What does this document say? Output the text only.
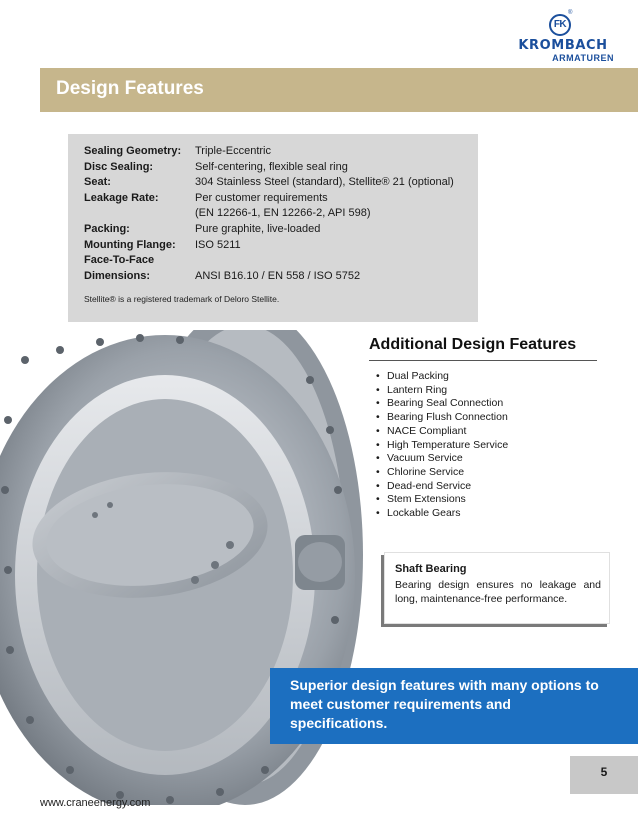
FK
®
KROMBACH
ARMATUREN
Design Features
Sealing Geometry:	Triple-Eccentric
Disc Sealing:	Self-centering, flexible seal ring
Seat:	304 Stainless Steel (standard), Stellite® 21 (optional)
Leakage Rate:	Per customer requirements
	(EN 12266-1, EN 12266-2, API 598)
Packing:	Pure graphite, live-loaded
Mounting Flange:	ISO 5211
Face-To-Face	
Dimensions:	ANSI B16.10 / EN 558 / ISO 5752
Stellite® is a registered trademark of Deloro Stellite.
Additional Design Features
• Dual Packing
• Lantern Ring
• Bearing Seal Connection
• Bearing Flush Connection
• NACE Compliant
• High Temperature Service
• Vacuum Service
• Chlorine Service
• Dead-end Service
• Stem Extensions
• Lockable Gears
Shaft Bearing
Bearing design ensures no leakage and long, maintenance-free performance.
Superior design features with many options to meet customer requirements and specifications.
5
www.craneenergy.com
